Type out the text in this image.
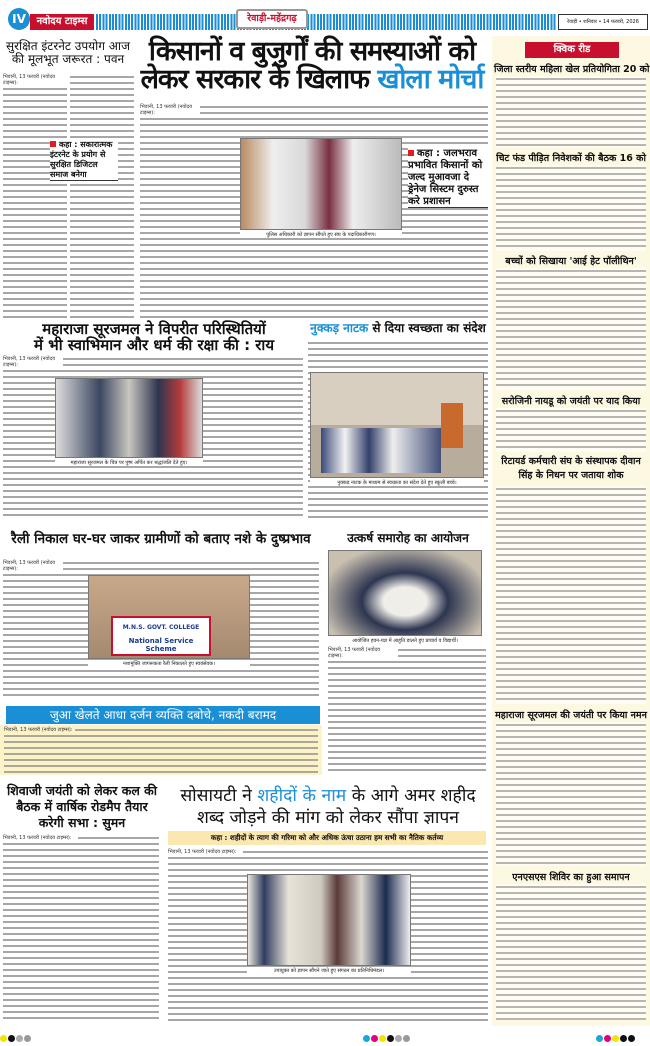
IV	नवोदय टाइम्स	रेवाड़ी-महेंद्रगढ़	रेवाड़ी • शनिवार • 14 फरवरी, 2026
सुरक्षित इंटरनेट उपयोग आज की मूलभूत जरूरत : पवन
भिवानी, 13 फरवरी (नवोदय टाइम्स):
कहा : सकारात्मक इंटरनेट के प्रयोग से सुरक्षित डिजिटल समाज बनेगा
किसानों व बुजुर्गों की समस्याओं को
लेकर सरकार के खिलाफ खोला मोर्चा
भिवानी, 13 फरवरी (नवोदय टाइम्स):
पुलिस अधिकारी को ज्ञापन सौंपते हुए संघ के पदाधिकारीगण।
कहा : जलभराव प्रभावित किसानों को जल्द मुआवजा दे ड्रेनेज सिस्टम दुरुस्त करे प्रशासन
महाराजा सूरजमल ने विपरीत परिस्थितियों
में भी स्वाभिमान और धर्म की रक्षा की : राय
भिवानी, 13 फरवरी (नवोदय टाइम्स):
महाराजा सूरजमल के चित्र पर पुष्प अर्पित कर श्रद्धांजलि देते हुए।
नुक्कड़ नाटक से दिया स्वच्छता का संदेश
नुक्कड़ नाटक के माध्यम से स्वच्छता का संदेश देते हुए स्कूली बच्चे।
रैली निकाल घर-घर जाकर ग्रामीणों को बताए नशे के दुष्प्रभाव
भिवानी, 13 फरवरी (नवोदय टाइम्स):
M.N.S. GOVT. COLLEGE
National Service Scheme
नशामुक्ति जागरूकता रैली निकालते हुए स्वयंसेवक।
उत्कर्ष समारोह का आयोजन
आयोजित हवन-यज्ञ में आहुति डालते हुए प्राचार्य व विद्यार्थी।
भिवानी, 13 फरवरी (नवोदय टाइम्स):
जुआ खेलते आधा दर्जन व्यक्ति दबोचे, नकदी बरामद
भिवानी, 13 फरवरी (नवोदय टाइम्स):
शिवाजी जयंती को लेकर कल की बैठक में वार्षिक रोडमैप तैयार करेगी सभा : सुमन
भिवानी, 13 फरवरी (नवोदय टाइम्स):
सोसायटी ने शहीदों के नाम के आगे अमर शहीद
शब्द जोड़ने की मांग को लेकर सौंपा ज्ञापन
कहा : शहीदों के त्याग की गरिमा को और अधिक ऊंचा उठाना हम सभी का नैतिक कर्तव्य
भिवानी, 13 फरवरी (नवोदय टाइम्स):
उपायुक्त को ज्ञापन सौंपने जाते हुए संगठन का प्रतिनिधिमंडल।
क्विक रीड
जिला स्तरीय महिला खेल प्रतियोगिता 20 को
चिट फंड पीड़ित निवेशकों की बैठक 16 को
बच्चों को सिखाया 'आई हेट पॉलीथिन'
सरोजिनी नायडू को जयंती पर याद किया
रिटायर्ड कर्मचारी संघ के संस्थापक दीवान सिंह के निधन पर जताया शोक
महाराजा सूरजमल की जयंती पर किया नमन
एनएसएस शिविर का हुआ समापन
